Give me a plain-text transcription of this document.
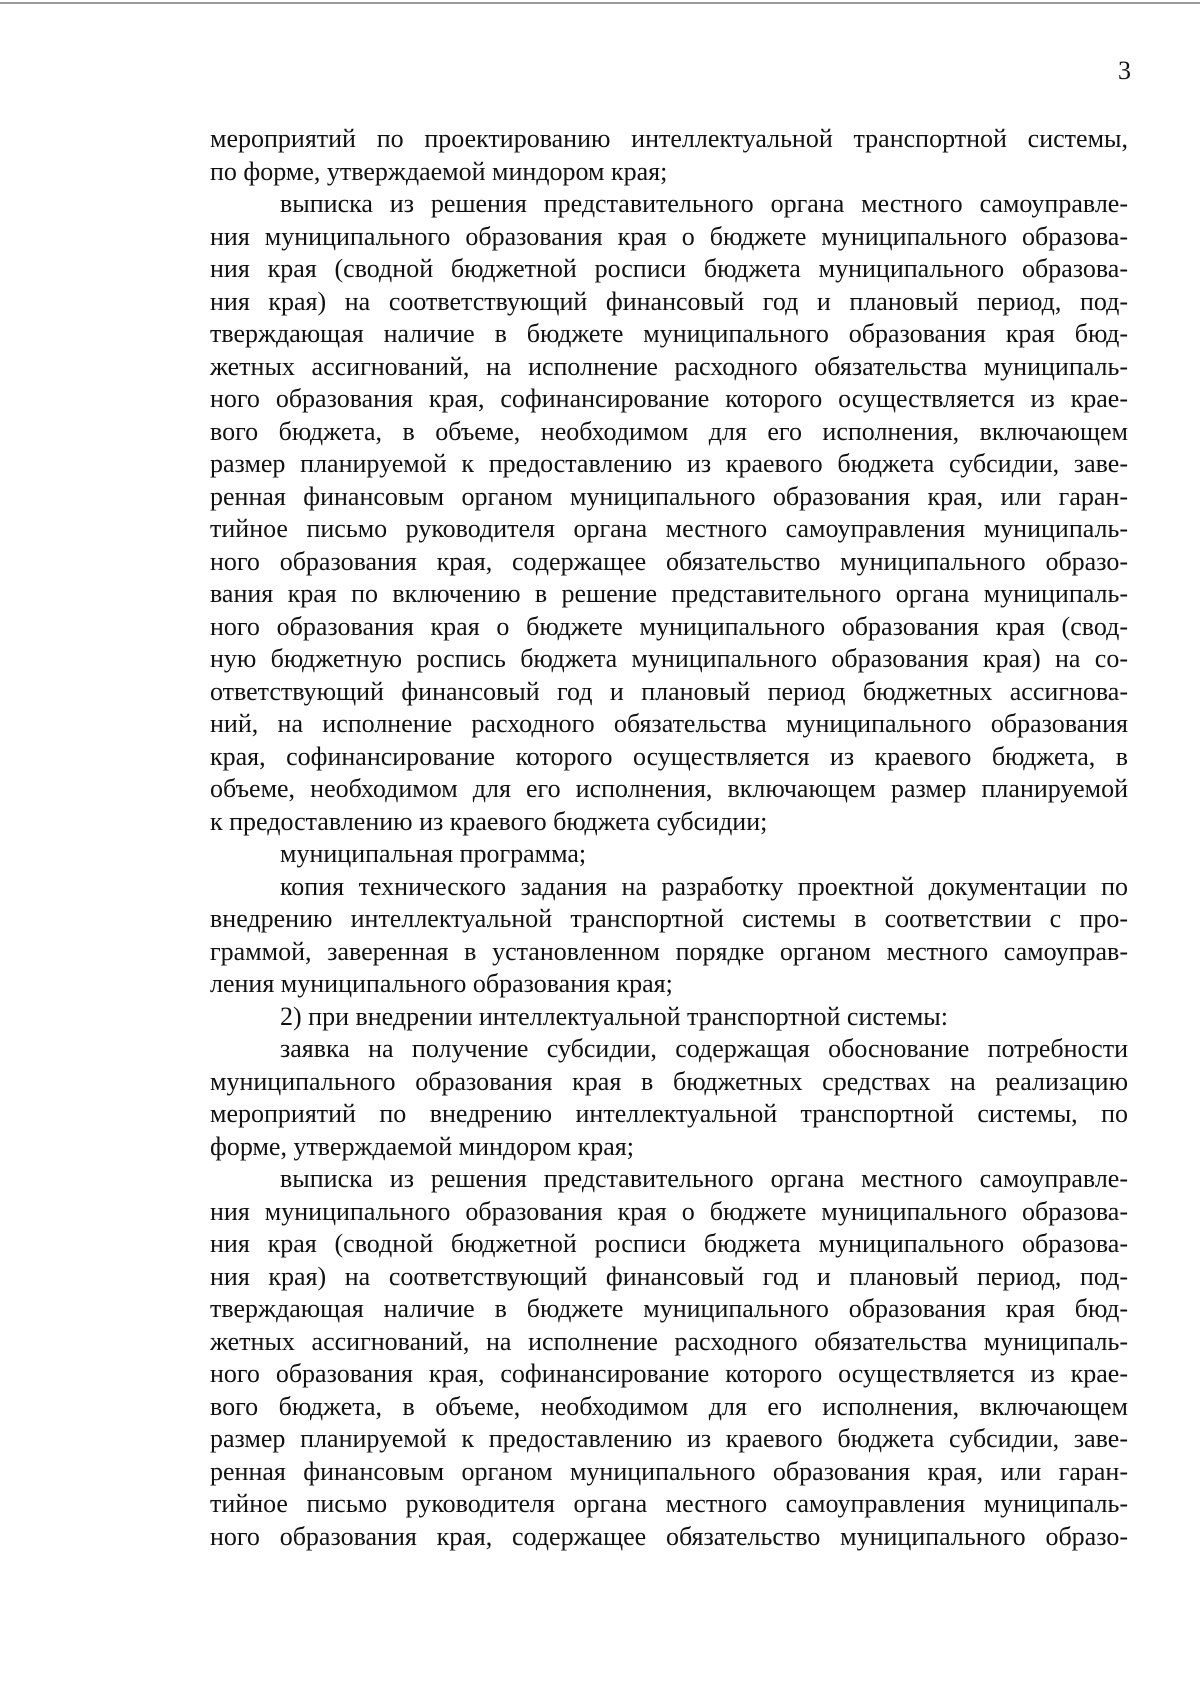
3
мероприятий по проектированию интеллектуальной транспортной системы,
по форме, утверждаемой миндором края;
выписка из решения представительного органа местного самоуправле-
ния муниципального образования края о бюджете муниципального образова-
ния края (сводной бюджетной росписи бюджета муниципального образова-
ния края) на соответствующий финансовый год и плановый период, под-
тверждающая наличие в бюджете муниципального образования края бюд-
жетных ассигнований, на исполнение расходного обязательства муниципаль-
ного образования края, софинансирование которого осуществляется из крае-
вого бюджета, в объеме, необходимом для его исполнения, включающем
размер планируемой к предоставлению из краевого бюджета субсидии, заве-
ренная финансовым органом муниципального образования края, или гаран-
тийное письмо руководителя органа местного самоуправления муниципаль-
ного образования края, содержащее обязательство муниципального образо-
вания края по включению в решение представительного органа муниципаль-
ного образования края о бюджете муниципального образования края (свод-
ную бюджетную роспись бюджета муниципального образования края) на со-
ответствующий финансовый год и плановый период бюджетных ассигнова-
ний, на исполнение расходного обязательства муниципального образования
края, софинансирование которого осуществляется из краевого бюджета, в
объеме, необходимом для его исполнения, включающем размер планируемой
к предоставлению из краевого бюджета субсидии;
муниципальная программа;
копия технического задания на разработку проектной документации по
внедрению интеллектуальной транспортной системы в соответствии с про-
граммой, заверенная в установленном порядке органом местного самоуправ-
ления муниципального образования края;
2) при внедрении интеллектуальной транспортной системы:
заявка на получение субсидии, содержащая обоснование потребности
муниципального образования края в бюджетных средствах на реализацию
мероприятий по внедрению интеллектуальной транспортной системы, по
форме, утверждаемой миндором края;
выписка из решения представительного органа местного самоуправле-
ния муниципального образования края о бюджете муниципального образова-
ния края (сводной бюджетной росписи бюджета муниципального образова-
ния края) на соответствующий финансовый год и плановый период, под-
тверждающая наличие в бюджете муниципального образования края бюд-
жетных ассигнований, на исполнение расходного обязательства муниципаль-
ного образования края, софинансирование которого осуществляется из крае-
вого бюджета, в объеме, необходимом для его исполнения, включающем
размер планируемой к предоставлению из краевого бюджета субсидии, заве-
ренная финансовым органом муниципального образования края, или гаран-
тийное письмо руководителя органа местного самоуправления муниципаль-
ного образования края, содержащее обязательство муниципального образо-
